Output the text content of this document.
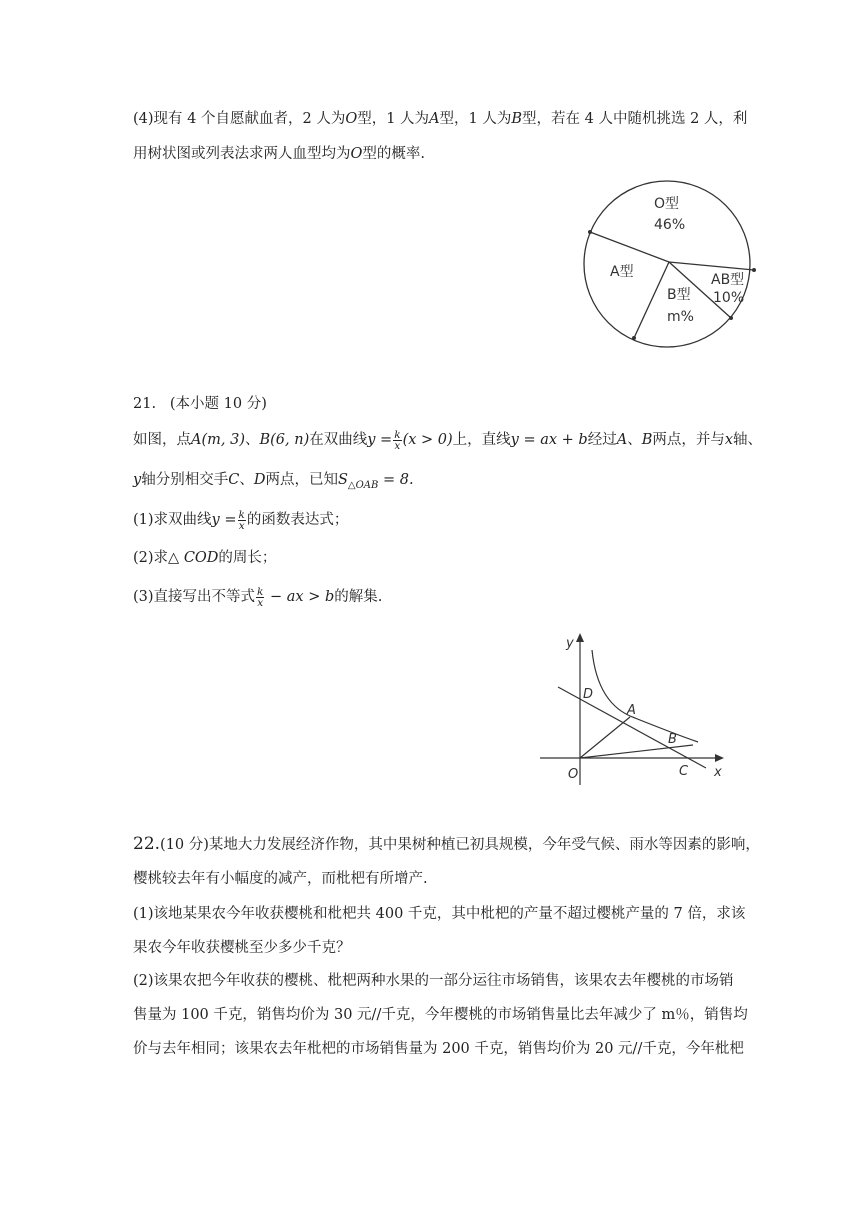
(4)现有 4 个自愿献血者，2 人为O型，1 人为A型，1 人为B型，若在 4 人中随机挑选 2 人，利
用树状图或列表法求两人血型均为O型的概率.
O型
46%
A型	AB型
10%
B型
m%
21. (本小题 10 分)
如图，点A(m, 3)、B(6, n)在双曲线$y = \frac{k}{x} (x > 0)$上，直线y = ax + b经过A、B两点，并与x轴、
y轴分别相交手C、D两点，已知$S_{\triangle OAB} = 8$.
(1)求双曲线$y = \frac{k}{x}$ 的函数表达式；
(2)求△ COD的周长；
(3)直接写出不等式 $\frac{k}{x}$ − ax > b的解集.
y
x
O
D
A
B
C
22.(10 分)某地大力发展经济作物，其中果树种植已初具规模，今年受气候、雨水等因素的影响，
樱桃较去年有小幅度的减产，而枇杷有所增产.
(1)该地某果农今年收获樱桃和枇杷共 400 千克，其中枇杷的产量不超过樱桃产量的 7 倍，求该
果农今年收获樱桃至少多少千克？
(2)该果农把今年收获的樱桃、枇杷两种水果的一部分运往市场销售，该果农去年樱桃的市场销
售量为 100 千克，销售均价为 30 元//千克，今年樱桃的市场销售量比去年减少了 m％，销售均
价与去年相同；该果农去年枇杷的市场销售量为 200 千克，销售均价为 20 元//千克，今年枇杷
